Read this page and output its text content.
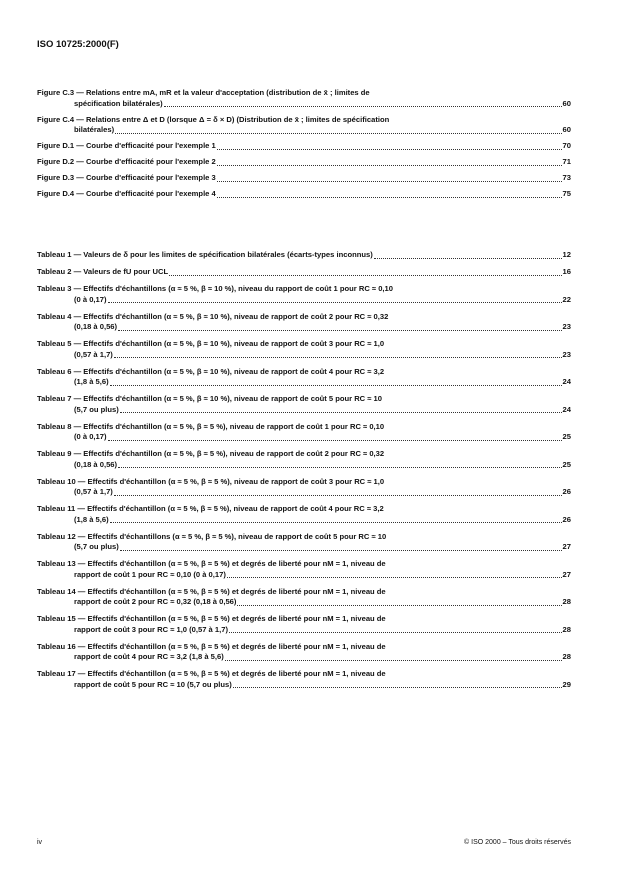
ISO 10725:2000(F)
Figure C.3 — Relations entre mA, mR et la valeur d'acceptation (distribution de x̄ ; limites de
spécification bilatérales)	60
Figure C.4 — Relations entre Δ et D (lorsque Δ = δ × D) (Distribution de x̄ ; limites de spécification
bilatérales)	60
Figure D.1 — Courbe d'efficacité pour l'exemple 1	70
Figure D.2 — Courbe d'efficacité pour l'exemple 2	71
Figure D.3 — Courbe d'efficacité pour l'exemple 3	73
Figure D.4 — Courbe d'efficacité pour l'exemple 4	75
Tableau 1 — Valeurs de δ pour les limites de spécification bilatérales (écarts-types inconnus)	12
Tableau 2 — Valeurs de fU pour UCL	16
Tableau 3 — Effectifs d'échantillons (α ≈ 5 %, β ≈ 10 %), niveau du rapport de coût 1 pour RC ≈ 0,10
(0 à 0,17)	22
Tableau 4 — Effectifs d'échantillon (α ≈ 5 %, β ≈ 10 %), niveau de rapport de coût 2 pour RC ≈ 0,32
(0,18 à 0,56)	23
Tableau 5 — Effectifs d'échantillon (α ≈ 5 %, β ≈ 10 %), niveau de rapport de coût 3 pour RC ≈ 1,0
(0,57 à 1,7)	23
Tableau 6 — Effectifs d'échantillon (α ≈ 5 %, β ≈ 10 %), niveau de rapport de coût 4 pour RC ≈ 3,2
(1,8 à 5,6)	24
Tableau 7 — Effectifs d'échantillon (α ≈ 5 %, β ≈ 10 %), niveau de rapport de coût 5 pour RC ≈ 10
(5,7 ou plus)	24
Tableau 8 — Effectifs d'échantillon (α ≈ 5 %, β ≈ 5 %), niveau de rapport de coût 1 pour RC ≈ 0,10
(0 à 0,17)	25
Tableau 9 — Effectifs d'échantillon (α ≈ 5 %, β ≈ 5 %), niveau de rapport de coût 2 pour RC ≈ 0,32
(0,18 à 0,56)	25
Tableau 10 — Effectifs d'échantillon (α ≈ 5 %, β ≈ 5 %), niveau de rapport de coût 3 pour RC ≈ 1,0
(0,57 à 1,7)	26
Tableau 11 — Effectifs d'échantillon (α ≈ 5 %, β ≈ 5 %), niveau de rapport de coût 4 pour RC ≈ 3,2
(1,8 à 5,6)	26
Tableau 12 — Effectifs d'échantillons (α ≈ 5 %, β ≈ 5 %), niveau de rapport de coût 5 pour RC ≈ 10
(5,7 ou plus)	27
Tableau 13 — Effectifs d'échantillon (α ≈ 5 %, β ≈ 5 %) et degrés de liberté pour nM = 1, niveau de
rapport de coût 1 pour RC ≈ 0,10 (0 à 0,17)	27
Tableau 14 — Effectifs d'échantillon (α ≈ 5 %, β ≈ 5 %) et degrés de liberté pour nM = 1, niveau de
rapport de coût 2 pour RC ≈ 0,32 (0,18 à 0,56)	28
Tableau 15 — Effectifs d'échantillon (α ≈ 5 %, β ≈ 5 %) et degrés de liberté pour nM = 1, niveau de
rapport de coût 3 pour RC ≈ 1,0 (0,57 à 1,7)	28
Tableau 16 — Effectifs d'échantillon (α ≈ 5 %, β ≈ 5 %) et degrés de liberté pour nM = 1, niveau de
rapport de coût 4 pour RC ≈ 3,2 (1,8 à 5,6)	28
Tableau 17 — Effectifs d'échantillon (α ≈ 5 %, β ≈ 5 %) et degrés de liberté pour nM = 1, niveau de
rapport de coût 5 pour RC ≈ 10 (5,7 ou plus)	29
iv	© ISO 2000 – Tous droits réservés
